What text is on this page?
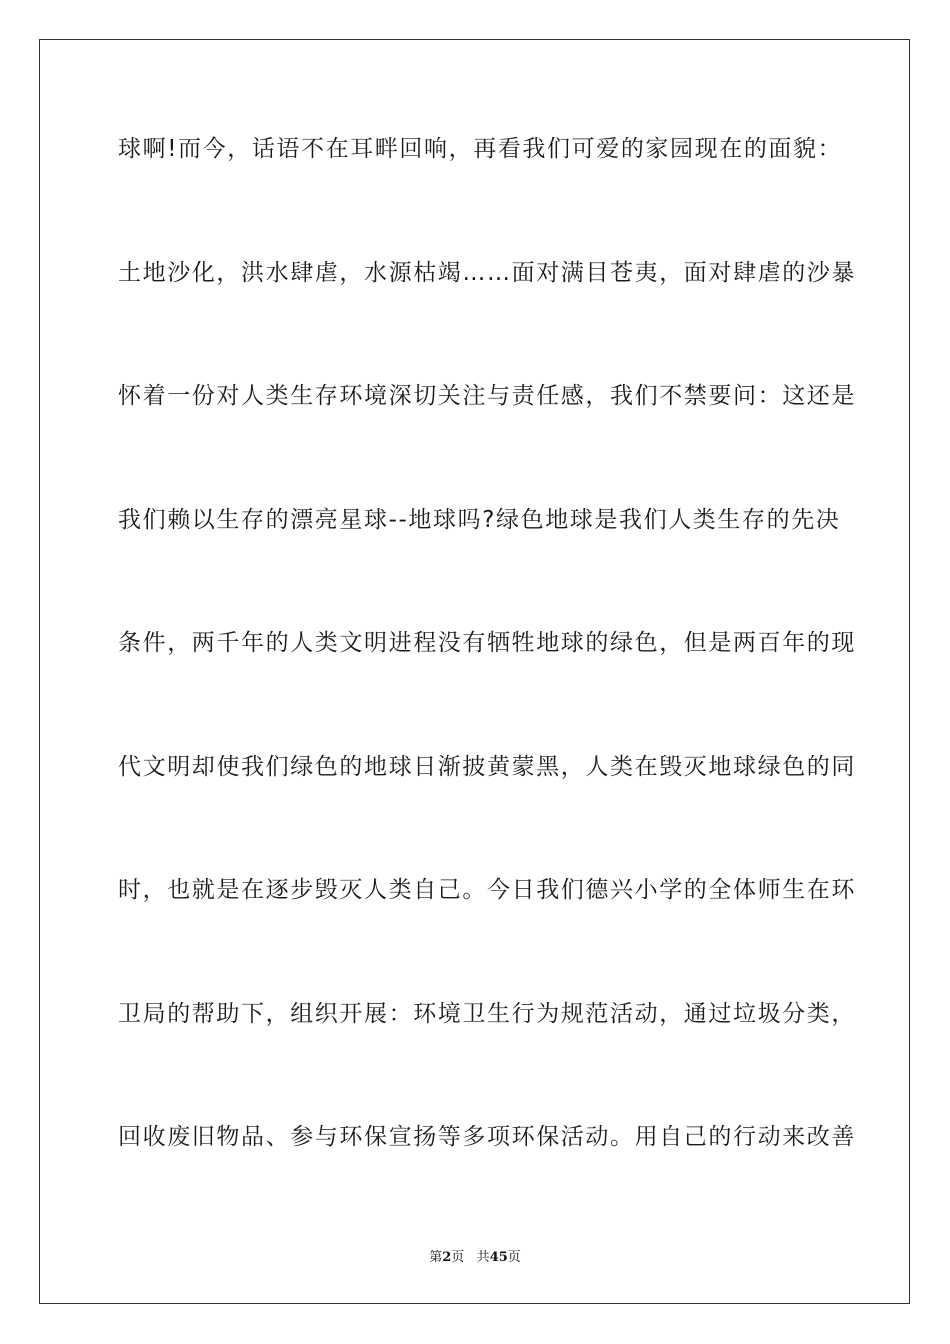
球啊!而今，话语不在耳畔回响，再看我们可爱的家园现在的面貌：
土地沙化，洪水肆虐，水源枯竭……面对满目苍夷，面对肆虐的沙暴
怀着一份对人类生存环境深切关注与责任感，我们不禁要问：这还是
我们赖以生存的漂亮星球--地球吗?绿色地球是我们人类生存的先决
条件，两千年的人类文明进程没有牺牲地球的绿色，但是两百年的现
代文明却使我们绿色的地球日渐披黄蒙黑，人类在毁灭地球绿色的同
时，也就是在逐步毁灭人类自己。今日我们德兴小学的全体师生在环
卫局的帮助下，组织开展：环境卫生行为规范活动，通过垃圾分类，
回收废旧物品、参与环保宣扬等多项环保活动。用自己的行动来改善
第2页 共45页
